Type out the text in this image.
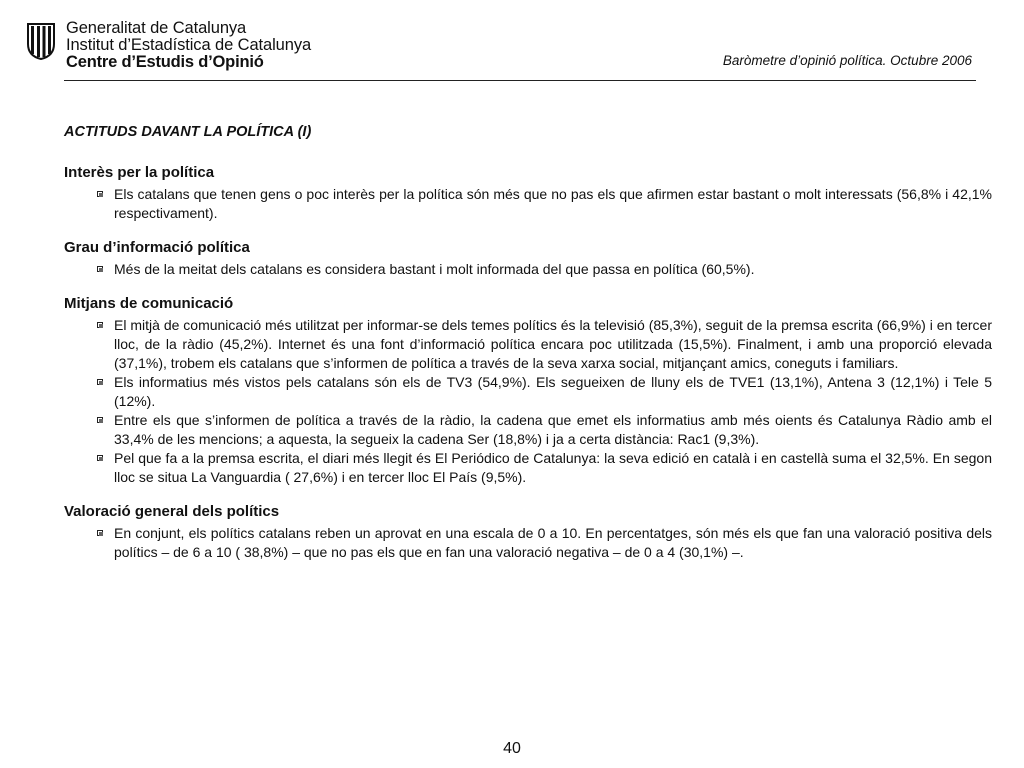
Generalitat de Catalunya
Institut d’Estadística de Catalunya
Centre d’Estudis d’Opinió	Baròmetre d’opinió política. Octubre 2006
ACTITUDS DAVANT LA POLÍTICA (I)
Interès per la política
Els catalans que tenen gens o poc interès per la política són més que no pas els que afirmen estar bastant o molt interessats (56,8% i 42,1% respectivament).
Grau d’informació política
Més de la meitat dels catalans es considera bastant i molt informada del que passa en política (60,5%).
Mitjans de comunicació
El mitjà de comunicació més utilitzat per informar-se dels temes polítics és la televisió (85,3%), seguit de la premsa escrita (66,9%) i en tercer lloc, de la ràdio (45,2%). Internet és una font d’informació política encara poc utilitzada (15,5%). Finalment, i amb una proporció elevada (37,1%), trobem els catalans que s’informen de política a través de la seva xarxa social, mitjançant amics, coneguts i familiars.
Els informatius més vistos pels catalans són els de TV3 (54,9%). Els segueixen de lluny els de TVE1 (13,1%), Antena 3 (12,1%) i Tele 5 (12%).
Entre els que s’informen de política a través de la ràdio, la cadena que emet els informatius amb més oients és Catalunya Ràdio amb el 33,4% de les mencions; a aquesta, la segueix la cadena Ser (18,8%) i ja a certa distància: Rac1 (9,3%).
Pel que fa a la premsa escrita, el diari més llegit és El Periódico de Catalunya: la seva edició en català i en castellà suma el 32,5%. En segon lloc se situa La Vanguardia ( 27,6%) i en tercer lloc El País (9,5%).
Valoració general dels polítics
En conjunt, els polítics catalans reben un aprovat en una escala de 0 a 10. En percentatges, són més els que fan una valoració positiva dels polítics – de 6 a 10 ( 38,8%) – que no pas els que en fan una valoració negativa – de 0 a 4 (30,1%) –.
40
